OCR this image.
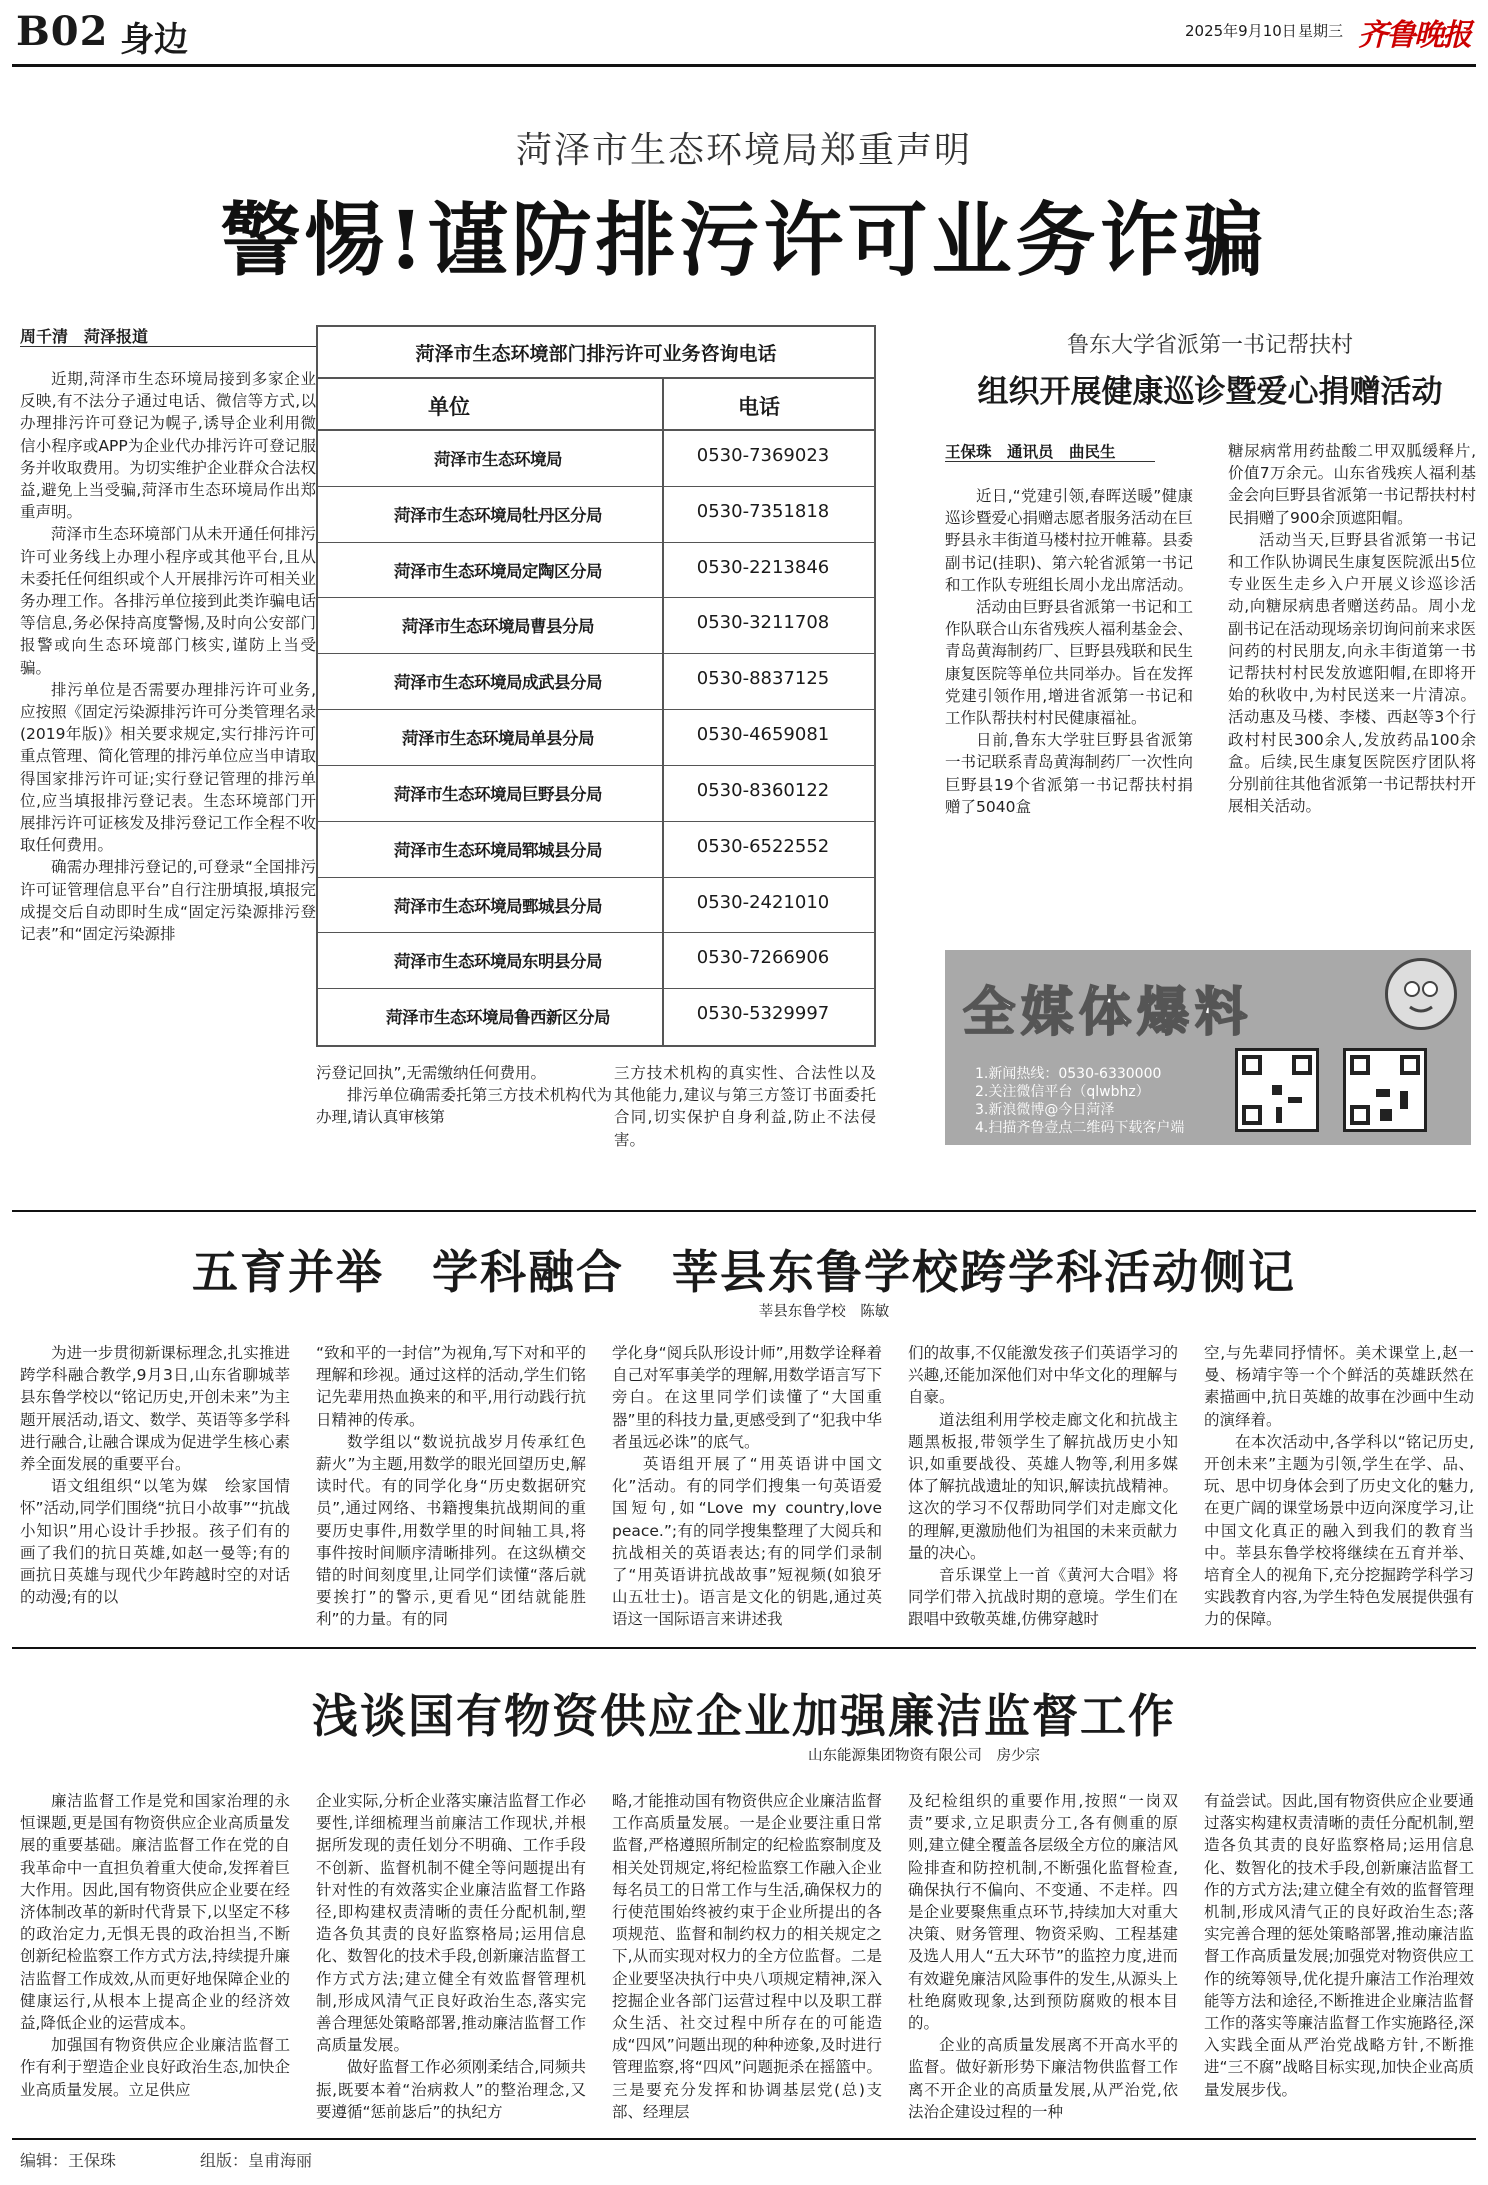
B02 身边	2025年9月10日 星期三 齐鲁晚报
菏泽市生态环境局郑重声明
警惕!谨防排污许可业务诈骗
周千清　菏泽报道

近期,菏泽市生态环境局接到多家企业反映,有不法分子通过电话、微信等方式,以办理排污许可登记为幌子,诱导企业利用微信小程序或APP为企业代办排污许可登记服务并收取费用。为切实维护企业群众合法权益,避免上当受骗,菏泽市生态环境局作出郑重声明。

菏泽市生态环境部门从未开通任何排污许可业务线上办理小程序或其他平台,且从未委托任何组织或个人开展排污许可相关业务办理工作。各排污单位接到此类诈骗电话等信息,务必保持高度警惕,及时向公安部门报警或向生态环境部门核实,谨防上当受骗。

排污单位是否需要办理排污许可业务,应按照《固定污染源排污许可分类管理名录(2019年版)》相关要求规定,实行排污许可重点管理、简化管理的排污单位应当申请取得国家排污许可证;实行登记管理的排污单位,应当填报排污登记表。生态环境部门开展排污许可证核发及排污登记工作全程不收取任何费用。

确需办理排污登记的,可登录“全国排污许可证管理信息平台”自行注册填报,填报完成提交后自动即时生成“固定污染源排污登记表”和“固定污染源排

污登记回执”,无需缴纳任何费用。

排污单位确需委托第三方技术机构代为办理,请认真审核第

三方技术机构的真实性、合法性以及其他能力,建议与第三方签订书面委托合同,切实保护自身利益,防止不法侵害。

菏泽市生态环境部门排污许可业务咨询电话
单位	电话
菏泽市生态环境局	0530-7369023
菏泽市生态环境局牡丹区分局	0530-7351818
菏泽市生态环境局定陶区分局	0530-2213846
菏泽市生态环境局曹县分局	0530-3211708
菏泽市生态环境局成武县分局	0530-8837125
菏泽市生态环境局单县分局	0530-4659081
菏泽市生态环境局巨野县分局	0530-8360122
菏泽市生态环境局郓城县分局	0530-6522552
菏泽市生态环境局鄄城县分局	0530-2421010
菏泽市生态环境局东明县分局	0530-7266906
菏泽市生态环境局鲁西新区分局	0530-5329997
鲁东大学省派第一书记帮扶村
组织开展健康巡诊暨爱心捐赠活动
王保珠　通讯员　曲民生

近日,“党建引领,春晖送暖”健康巡诊暨爱心捐赠志愿者服务活动在巨野县永丰街道马楼村拉开帷幕。县委副书记(挂职)、第六轮省派第一书记和工作队专班组长周小龙出席活动。

活动由巨野县省派第一书记和工作队联合山东省残疾人福利基金会、青岛黄海制药厂、巨野县残联和民生康复医院等单位共同举办。旨在发挥党建引领作用,增进省派第一书记和工作队帮扶村村民健康福祉。

日前,鲁东大学驻巨野县省派第一书记联系青岛黄海制药厂一次性向巨野县19个省派第一书记帮扶村捐赠了5040盒

糖尿病常用药盐酸二甲双胍缓释片,价值7万余元。山东省残疾人福利基金会向巨野县省派第一书记帮扶村村民捐赠了900余顶遮阳帽。

活动当天,巨野县省派第一书记和工作队协调民生康复医院派出5位专业医生走乡入户开展义诊巡诊活动,向糖尿病患者赠送药品。周小龙副书记在活动现场亲切询问前来求医问药的村民朋友,向永丰街道第一书记帮扶村村民发放遮阳帽,在即将开始的秋收中,为村民送来一片清凉。活动惠及马楼、李楼、西赵等3个行政村村民300余人,发放药品100余盒。后续,民生康复医院医疗团队将分别前往其他省派第一书记帮扶村开展相关活动。

全媒体爆料
1.新闻热线：0530-6330000
2.关注微信平台（qlwbhz）
3.新浪微博@今日菏泽
4.扫描齐鲁壹点二维码下载客户端
五育并举　学科融合　莘县东鲁学校跨学科活动侧记
莘县东鲁学校　陈敏

为进一步贯彻新课标理念,扎实推进跨学科融合教学,9月3日,山东省聊城莘县东鲁学校以“铭记历史,开创未来”为主题开展活动,语文、数学、英语等多学科进行融合,让融合课成为促进学生核心素养全面发展的重要平台。

语文组组织“以笔为媒　绘家国情怀”活动,同学们围绕“抗日小故事”“抗战小知识”用心设计手抄报。孩子们有的画了我们的抗日英雄,如赵一曼等;有的画抗日英雄与现代少年跨越时空的对话的动漫;有的以

“致和平的一封信”为视角,写下对和平的理解和珍视。通过这样的活动,学生们铭记先辈用热血换来的和平,用行动践行抗日精神的传承。

数学组以“数说抗战岁月传承红色薪火”为主题,用数学的眼光回望历史,解读时代。有的同学化身“历史数据研究员”,通过网络、书籍搜集抗战期间的重要历史事件,用数学里的时间轴工具,将事件按时间顺序清晰排列。在这纵横交错的时间刻度里,让同学们读懂“落后就要挨打”的警示,更看见“团结就能胜利”的力量。有的同

学化身“阅兵队形设计师”,用数学诠释着自己对军事美学的理解,用数学语言写下旁白。在这里同学们读懂了“大国重器”里的科技力量,更感受到了“犯我中华者虽远必诛”的底气。

英语组开展了“用英语讲中国文化”活动。有的同学们搜集一句英语爱国短句,如“Love my country,love peace.”;有的同学搜集整理了大阅兵和抗战相关的英语表达;有的同学们录制了“用英语讲抗战故事”短视频(如狼牙山五壮士)。语言是文化的钥匙,通过英语这一国际语言来讲述我

们的故事,不仅能激发孩子们英语学习的兴趣,还能加深他们对中华文化的理解与自豪。

道法组利用学校走廊文化和抗战主题黑板报,带领学生了解抗战历史小知识,如重要战役、英雄人物等,利用多媒体了解抗战遗址的知识,解读抗战精神。这次的学习不仅帮助同学们对走廊文化的理解,更激励他们为祖国的未来贡献力量的决心。

音乐课堂上一首《黄河大合唱》将同学们带入抗战时期的意境。学生们在跟唱中致敬英雄,仿佛穿越时

空,与先辈同抒情怀。美术课堂上,赵一曼、杨靖宇等一个个鲜活的英雄跃然在素描画中,抗日英雄的故事在沙画中生动的演绎着。

在本次活动中,各学科以“铭记历史,开创未来”主题为引领,学生在学、品、玩、思中切身体会到了历史文化的魅力,在更广阔的课堂场景中迈向深度学习,让中国文化真正的融入到我们的教育当中。莘县东鲁学校将继续在五育并举、培育全人的视角下,充分挖掘跨学科学习实践教育内容,为学生特色发展提供强有力的保障。

浅谈国有物资供应企业加强廉洁监督工作
山东能源集团物资有限公司　房少宗

廉洁监督工作是党和国家治理的永恒课题,更是国有物资供应企业高质量发展的重要基础。廉洁监督工作在党的自我革命中一直担负着重大使命,发挥着巨大作用。因此,国有物资供应企业要在经济体制改革的新时代背景下,以坚定不移的政治定力,无惧无畏的政治担当,不断创新纪检监察工作方式方法,持续提升廉洁监督工作成效,从而更好地保障企业的健康运行,从根本上提高企业的经济效益,降低企业的运营成本。

加强国有物资供应企业廉洁监督工作有利于塑造企业良好政治生态,加快企业高质量发展。立足供应

企业实际,分析企业落实廉洁监督工作必要性,详细梳理当前廉洁工作现状,并根据所发现的责任划分不明确、工作手段不创新、监督机制不健全等问题提出有针对性的有效落实企业廉洁监督工作路径,即构建权责清晰的责任分配机制,塑造各负其责的良好监察格局;运用信息化、数智化的技术手段,创新廉洁监督工作方式方法;建立健全有效监督管理机制,形成风清气正良好政治生态,落实完善合理惩处策略部署,推动廉洁监督工作高质量发展。

做好监督工作必须刚柔结合,同频共振,既要本着“治病救人”的整治理念,又要遵循“惩前毖后”的执纪方

略,才能推动国有物资供应企业廉洁监督工作高质量发展。一是企业要注重日常监督,严格遵照所制定的纪检监察制度及相关处罚规定,将纪检监察工作融入企业每名员工的日常工作与生活,确保权力的行使范围始终被约束于企业所提出的各项规范、监督和制约权力的相关规定之下,从而实现对权力的全方位监督。二是企业要坚决执行中央八项规定精神,深入挖掘企业各部门运营过程中以及职工群众生活、社交过程中所存在的可能造成“四风”问题出现的种种迹象,及时进行管理监察,将“四风”问题扼杀在摇篮中。三是要充分发挥和协调基层党(总)支部、经理层

及纪检组织的重要作用,按照“一岗双责”要求,立足职责分工,各有侧重的原则,建立健全覆盖各层级全方位的廉洁风险排查和防控机制,不断强化监督检查,确保执行不偏向、不变通、不走样。四是企业要聚焦重点环节,持续加大对重大决策、财务管理、物资采购、工程基建及选人用人“五大环节”的监控力度,进而有效避免廉洁风险事件的发生,从源头上杜绝腐败现象,达到预防腐败的根本目的。

企业的高质量发展离不开高水平的监督。做好新形势下廉洁物供监督工作离不开企业的高质量发展,从严治党,依法治企建设过程的一种

有益尝试。因此,国有物资供应企业要通过落实构建权责清晰的责任分配机制,塑造各负其责的良好监察格局;运用信息化、数智化的技术手段,创新廉洁监督工作的方式方法;建立健全有效的监督管理机制,形成风清气正的良好政治生态;落实完善合理的惩处策略部署,推动廉洁监督工作高质量发展;加强党对物资供应工作的统筹领导,优化提升廉洁工作治理效能等方法和途径,不断推进企业廉洁监督工作的落实等廉洁监督工作实施路径,深入实践全面从严治党战略方针,不断推进“三不腐”战略目标实现,加快企业高质量发展步伐。

编辑：王保珠	组版：皇甫海丽
